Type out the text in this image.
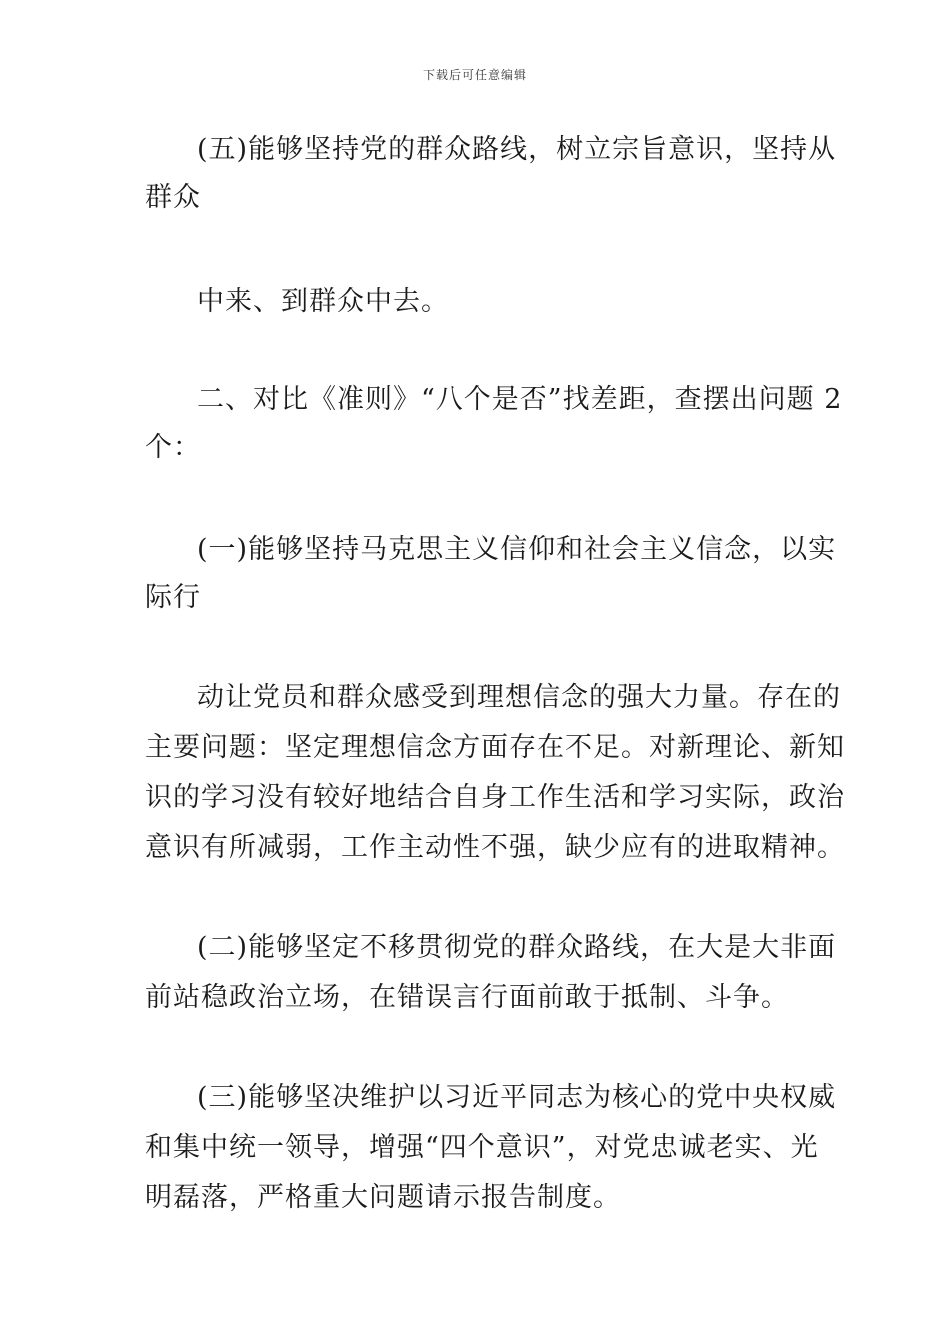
下载后可任意编辑
(五)能够坚持党的群众路线，树立宗旨意识，坚持从
群众
中来、到群众中去。
二、对比《准则》“八个是否”找差距，查摆出问题 2
个：
(一)能够坚持马克思主义信仰和社会主义信念，以实
际行
动让党员和群众感受到理想信念的强大力量。存在的
主要问题：坚定理想信念方面存在不足。对新理论、新知
识的学习没有较好地结合自身工作生活和学习实际，政治
意识有所减弱，工作主动性不强，缺少应有的进取精神。
(二)能够坚定不移贯彻党的群众路线，在大是大非面
前站稳政治立场，在错误言行面前敢于抵制、斗争。
(三)能够坚决维护以习近平同志为核心的党中央权威
和集中统一领导，增强“四个意识”，对党忠诚老实、光
明磊落，严格重大问题请示报告制度。
